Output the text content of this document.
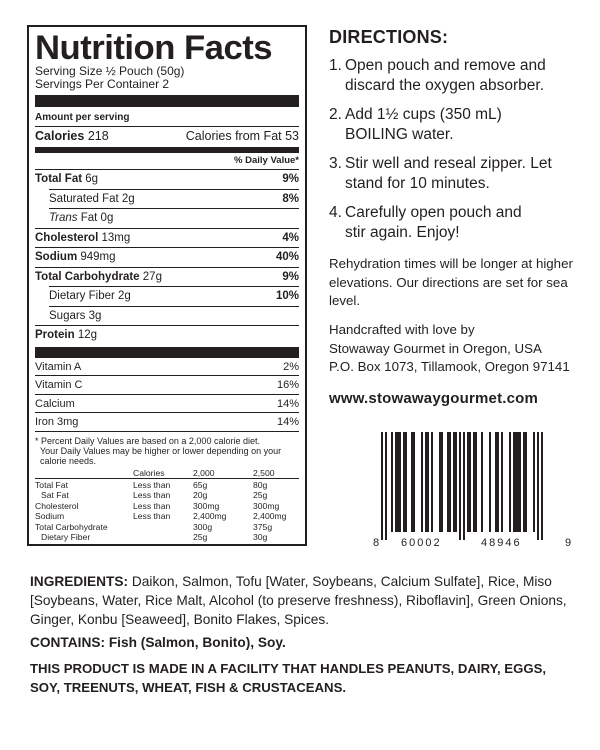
Nutrition Facts
Serving Size ½ Pouch (50g)
Servings Per Container 2
Amount per serving
Calories 218	Calories from Fat 53
% Daily Value*
Total Fat 6g	9%
Saturated Fat 2g	8%
Trans Fat 0g
Cholesterol 13mg	4%
Sodium 949mg	40%
Total Carbohydrate 27g	9%
Dietary Fiber 2g	10%
Sugars 3g
Protein 12g
Vitamin A	2%
Vitamin C	16%
Calcium	14%
Iron 3mg	14%

* Percent Daily Values are based on a 2,000 calorie diet.

Your Daily Values may be higher or lower depending on your calorie needs.

	Calories	2,000	2,500

Total Fat	Less than	65g	80g
Sat Fat	Less than	20g	25g
Cholesterol	Less than	300mg	300mg
Sodium	Less than	2,400mg	2,400mg
Total Carbohydrate		300g	375g
Dietary Fiber		25g	30g
DIRECTIONS:
1. Open pouch and remove and discard the oxygen absorber.
2. Add 1½ cups (350 mL) BOILING water.
3. Stir well and reseal zipper. Let stand for 10 minutes.
4. Carefully open pouch and stir again. Enjoy!
Rehydration times will be longer at higher elevations. Our directions are set for sea level.
Handcrafted with love by
Stowaway Gourmet in Oregon, USA
P.O. Box 1073, Tillamook, Oregon 97141
www.stowawaygourmet.com
8 60002	48946	9
INGREDIENTS: Daikon, Salmon, Tofu [Water, Soybeans, Calcium Sulfate], Rice, Miso [Soybeans, Water, Rice Malt, Alcohol (to preserve freshness), Riboflavin], Green Onions, Ginger, Konbu [Seaweed], Bonito Flakes, Spices.
CONTAINS: Fish (Salmon, Bonito), Soy.
THIS PRODUCT IS MADE IN A FACILITY THAT HANDLES PEANUTS, DAIRY, EGGS, SOY, TREENUTS, WHEAT, FISH & CRUSTACEANS.
